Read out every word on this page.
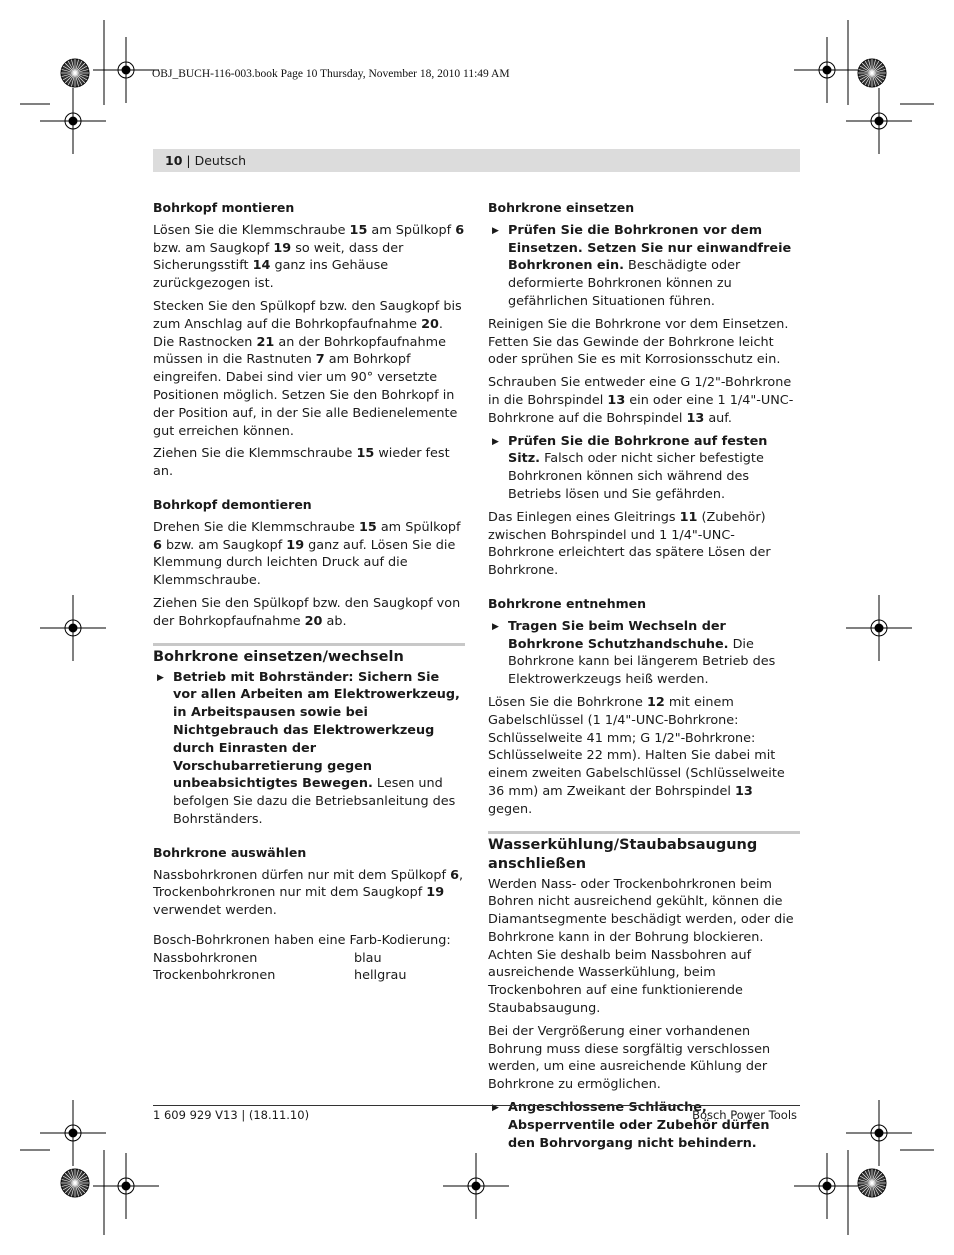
OBJ_BUCH-116-003.book Page 10 Thursday, November 18, 2010 11:49 AM
10 | Deutsch
Bohrkopf montieren

Lösen Sie die Klemmschraube 15 am Spülkopf 6 bzw. am Saugkopf 19 so weit, dass der Sicherungsstift 14 ganz ins Gehäuse zurückgezogen ist.

Stecken Sie den Spülkopf bzw. den Saugkopf bis zum Anschlag auf die Bohrkopfaufnahme 20. Die Rastnocken 21 an der Bohrkopfaufnahme müssen in die Rastnuten 7 am Bohrkopf eingreifen. Dabei sind vier um 90° versetzte Positionen möglich. Setzen Sie den Bohrkopf in der Position auf, in der Sie alle Bedienelemente gut erreichen können.

Ziehen Sie die Klemmschraube 15 wieder fest an.

Bohrkopf demontieren

Drehen Sie die Klemmschraube 15 am Spülkopf 6 bzw. am Saugkopf 19 ganz auf. Lösen Sie die Klemmung durch leichten Druck auf die Klemmschraube.

Ziehen Sie den Spülkopf bzw. den Saugkopf von der Bohrkopfaufnahme 20 ab.

Bohrkrone einsetzen/wechseln
▶ Betrieb mit Bohrständer: Sichern Sie vor allen Arbeiten am Elektrowerkzeug, in Arbeitspausen sowie bei Nichtgebrauch das Elektrowerkzeug durch Einrasten der Vorschubarretierung gegen unbeabsichtigtes Bewegen. Lesen und befolgen Sie dazu die Betriebsanleitung des Bohrständers.
Bohrkrone auswählen

Nassbohrkronen dürfen nur mit dem Spülkopf 6, Trockenbohrkronen nur mit dem Saugkopf 19 verwendet werden.

Bosch-Bohrkronen haben eine Farb-Kodierung:
Nassbohrkronen	blau
Trockenbohrkronen	hellgrau
Bohrkrone einsetzen
▶ Prüfen Sie die Bohrkronen vor dem Einsetzen. Setzen Sie nur einwandfreie Bohrkronen ein. Beschädigte oder deformierte Bohrkronen können zu gefährlichen Situationen führen.

Reinigen Sie die Bohrkrone vor dem Einsetzen. Fetten Sie das Gewinde der Bohrkrone leicht oder sprühen Sie es mit Korrosionsschutz ein.

Schrauben Sie entweder eine G 1/2"-Bohrkrone in die Bohrspindel 13 ein oder eine 1 1/4"-UNC-Bohrkrone auf die Bohrspindel 13 auf.

▶ Prüfen Sie die Bohrkrone auf festen Sitz. Falsch oder nicht sicher befestigte Bohrkronen können sich während des Betriebs lösen und Sie gefährden.

Das Einlegen eines Gleitrings 11 (Zubehör) zwischen Bohrspindel und 1 1/4"-UNC-Bohrkrone erleichtert das spätere Lösen der Bohrkrone.

Bohrkrone entnehmen
▶ Tragen Sie beim Wechseln der Bohrkrone Schutzhandschuhe. Die Bohrkrone kann bei längerem Betrieb des Elektrowerkzeugs heiß werden.

Lösen Sie die Bohrkrone 12 mit einem Gabelschlüssel (1 1/4"-UNC-Bohrkrone: Schlüsselweite 41 mm; G 1/2"-Bohrkrone: Schlüsselweite 22 mm). Halten Sie dabei mit einem zweiten Gabelschlüssel (Schlüsselweite 36 mm) am Zweikant der Bohrspindel 13 gegen.

Wasserkühlung/Staubabsaugung anschließen

Werden Nass- oder Trockenbohrkronen beim Bohren nicht ausreichend gekühlt, können die Diamantsegmente beschädigt werden, oder die Bohrkrone kann in der Bohrung blockieren. Achten Sie deshalb beim Nassbohren auf ausreichende Wasserkühlung, beim Trockenbohren auf eine funktionierende Staubabsaugung.

Bei der Vergrößerung einer vorhandenen Bohrung muss diese sorgfältig verschlossen werden, um eine ausreichende Kühlung der Bohrkrone zu ermöglichen.

▶ Angeschlossene Schläuche, Absperrventile oder Zubehör dürfen den Bohrvorgang nicht behindern.
1 609 929 V13 | (18.11.10)	Bosch Power Tools
